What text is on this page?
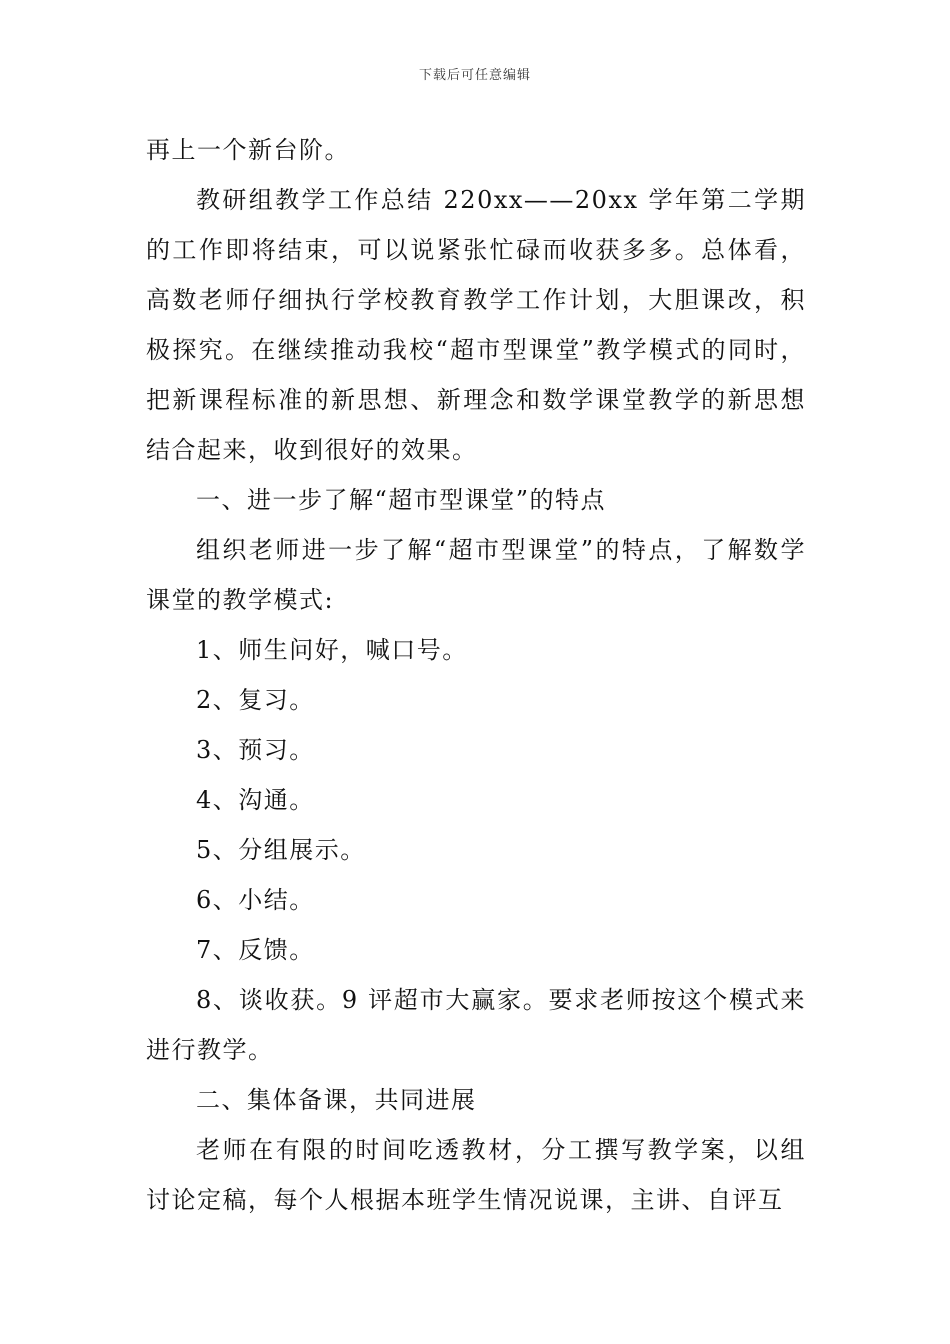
下载后可任意编辑

再上一个新台阶。

教研组教学工作总结 220xx——20xx 学年第二学期的工作即将结束，可以说紧张忙碌而收获多多。总体看，高数老师仔细执行学校教育教学工作计划，大胆课改，积极探究。在继续推动我校“超市型课堂”教学模式的同时，把新课程标准的新思想、新理念和数学课堂教学的新思想结合起来，收到很好的效果。

一、进一步了解“超市型课堂”的特点

组织老师进一步了解“超市型课堂”的特点，了解数学课堂的教学模式:

1、师生问好，喊口号。

2、复习。

3、预习。

4、沟通。

5、分组展示。

6、小结。

7、反馈。

8、谈收获。9 评超市大赢家。要求老师按这个模式来进行教学。

二、集体备课，共同进展

老师在有限的时间吃透教材，分工撰写教学案，以组讨论定稿，每个人根据本班学生情况说课，主讲、自评互
